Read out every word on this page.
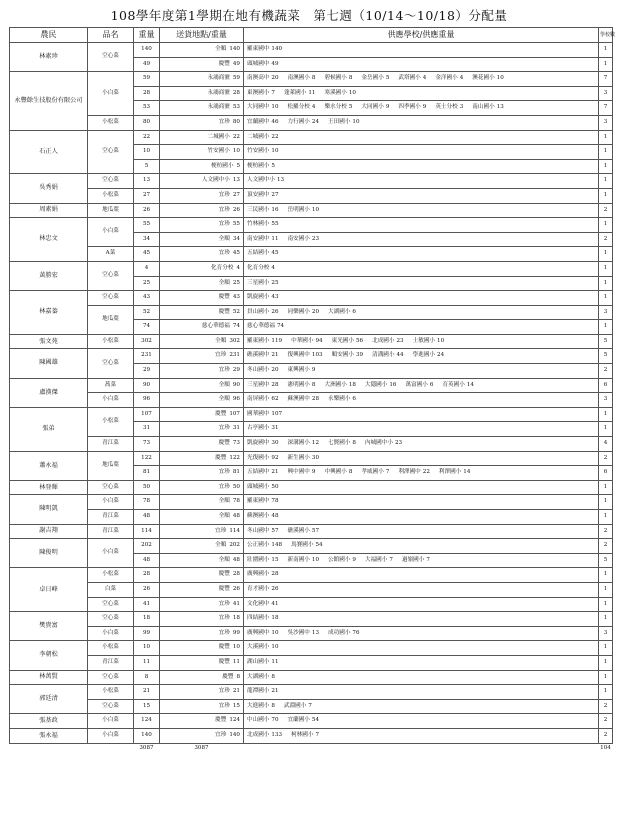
108學年度第1學期在地有機蔬菜　第七週（10/14～10/18）分配量
農民	品名	重量	送貨地點/重量	供應學校/供應重量	學校數
林素珍	空心菜	140	全順 140	羅東國中 140	1
		49	慶豐 49	頭城國中 49	1
永豐餘生技股份有限公司	小白菜	59	永鴻商號 59	南澳高中 20 南澳國小 8 碧候國小 8 金岳國小 5 武塔國小 4 金洋國小 4 澳花國小 10	7
		28	永鴻商號 28	東澳國小 7 蓬萊國小 11 寒溪國小 10	3
		53	永鴻商號 53	大同國中 10 松羅分校 4 樂水分校 5 大同國小 9 四季國小 9 英士分校 3 南山國小 13	7
	小松菜	80	宜珍 80	宜蘭國中 46 力行國小 24 王田國小 10	3
石正人	空心菜	22	二城國小 22	二城國小 22	1
		10	竹安國小 10	竹安國小 10	1
		5	梗枋國小 5	梗枋國小 5	1
吳秀娟	空心菜	13	人文國中小 13	人文國中小 13	1
	小松菜	27	宜珍 27	頂安國中 27	1
周素娟	地瓜葉	26	宜珍 26	三民國小 16 岳明國小 10	2
林忠文	小白菜	55	宜珍 55	竹林國小 55	1
		34	全順 34	南安國中 11 南安國小 23	2
	A菜	45	宜珍 45	五結國小 45	1
黃勝宏	空心菜	4	化育分校 4	化育分校 4	1
		25	全順 25	三星國小 25	1
林嘉蓁	空心菜	43	慶豐 43	凱旋國小 43	1
	地瓜葉	52	慶豐 52	員山國小 26 同樂國小 20 大湖國小 6	3
		74	慈心華德福 74	慈心華德福 74	1
張文苑	小松菜	302	全順 302	羅東國小 119 中華國小 94 東光國小 56 北成國小 23 士敏國小 10	5
陳國雄	空心菜	231	宜珍 231	礁溪國中 21 復興國中 103 順安國小 39 清溝國小 44 學進國小 24	5
		29	宜珍 29	冬山國小 20 東興國小 9	2
盧漢傑	萵菜	90	全順 90	三星國中 28 憲明國小 8 大洲國小 18 大隱國小 16 萬富國小 6 育英國小 14	6
	小白菜	96	全順 96	南屏國小 62 蘇澳國中 28 永樂國小 6	3
張弟	小松菜	107	慶豐 107	國華國中 107	1
		31	宜珍 31	古亭國小 31	1
	青江菜	73	慶豐 73	凱旋國中 30 深溝國小 12 七賢國小 8 內城國中小 23	4
蕭永福	地瓜葉	122	慶豐 122	光復國小 92 新生國小 30	2
		81	宜珍 81	五結國中 21 興中國中 9 中興國小 8 孝威國小 7 利澤國中 22 利澤國小 14	6
林登輝	空心菜	50	宜珍 50	頭城國小 50	1
陳明凱	小白菜	78	全順 78	羅東國中 78	1
	青江菜	48	全順 48	蘇澳國小 48	1
謝吉翔	青江菜	114	宜珍 114	冬山國中 57 礁溪國小 57	2
陳俊明	小白菜	202	全順 202	公正國小 148 馬賽國小 54	2
		48	全順 48	壯圍國小 15 新南國小 10 公館國小 9 大福國小 7 過嶺國小 7	5
卓日峰	小松菜	28	慶豐 28	廣興國小 28	1
	白菜	26	慶豐 26	育才國小 26	1
	空心菜	41	宜珍 41	文化國中 41	1
樊貴富	空心菜	18	宜珍 18	四結國小 18	1
	小白菜	99	宜珍 99	廣興國中 10 吳沙國中 13 成功國小 76	3
李朝松	小松菜	10	慶豐 10	大溪國小 10	1
	青江菜	11	慶豐 11	湖山國小 11	1
林萬賢	空心菜	8	慶豐 8	大湖國小 8	1
郭廷清	小松菜	21	宜珍 21	龍潭國小 21	1
	空心菜	15	宜珍 15	大進國小 8 武淵國小 7	2
張基政	小白菜	124	慶豐 124	中山國小 70 宜蘭國小 54	2
張永福	小白菜	140	宜珍 140	北成國小 133 柯林國小 7	2
		3087	3087		104
